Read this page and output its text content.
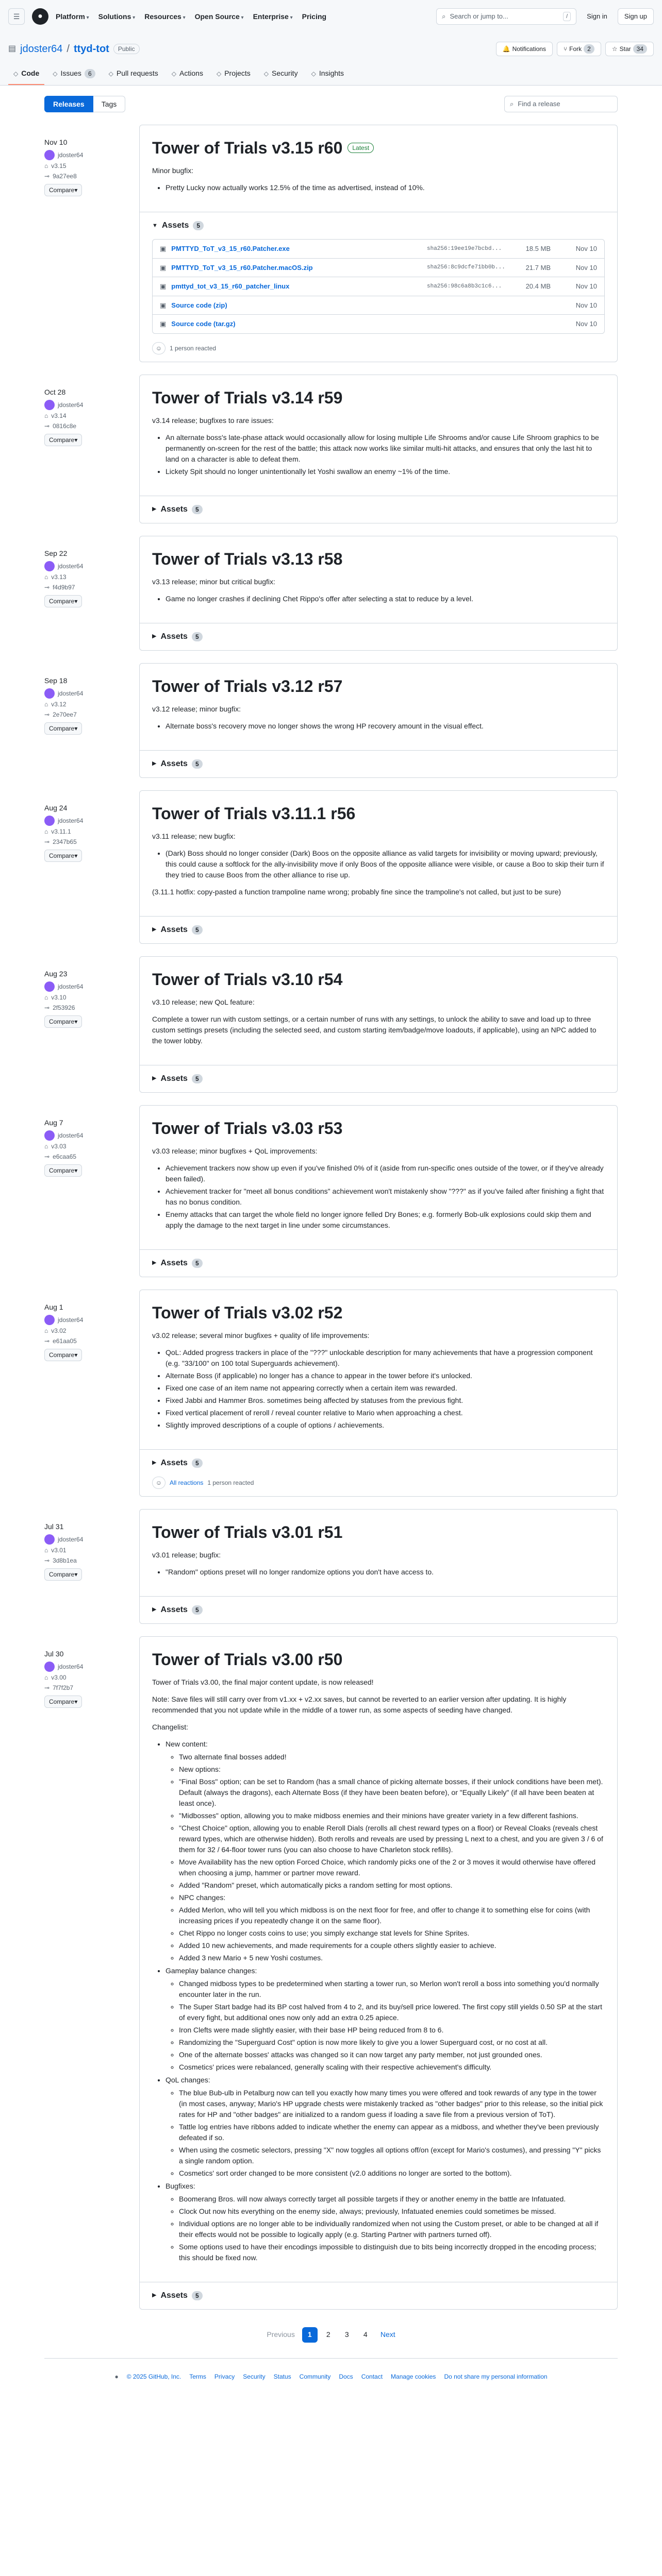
☰	●	Platform ▾	Solutions ▾	Resources ▾	Open Source ▾	Enterprise ▾	Pricing	⌕ Search or jump to...	/	Sign in	Sign up
▤ jdoster64 / ttyd-tot	Public	🔔 Notifications	⑂ Fork 2	☆ Star 34
◇ Code ◇ Issues	6	◇ Pull requests ◇ Actions ◇ Projects ◇ Security ◇ Insights
Releases	Tags	⌕ Find a release
Nov 10
jdoster64
⌂ v3.15
⊸ 9a27ee8
Compare ▾
Tower of Trials v3.15 r60	Latest

Minor bugfix:

• Pretty Lucky now actually works 12.5% of the time as advertised, instead of 10%.
▼ Assets	5
▣ PMTTYD_ToT_v3_15_r60.Patcher.exe	sha256:19ee19e7bcbd...	18.5 MB	Nov 10
▣ PMTTYD_ToT_v3_15_r60.Patcher.macOS.zip	sha256:8c9dcfe71bb0b...	21.7 MB	Nov 10
▣ pmttyd_tot_v3_15_r60_patcher_linux	sha256:98c6a8b3c1c6...	20.4 MB	Nov 10
▣ Source code (zip)	Nov 10
▣ Source code (tar.gz)	Nov 10
☺	1 person reacted
Oct 28
jdoster64
⌂ v3.14
⊸ 0816c8e
Compare ▾
Tower of Trials v3.14 r59

v3.14 release; bugfixes to rare issues:

• An alternate boss's late-phase attack would occasionally allow for losing multiple Life Shrooms and/or cause Life Shroom graphics to be permanently on-screen for the rest of the battle; this attack now works like similar multi-hit attacks, and ensures that only the last hit to land on a character is able to defeat them.
• Lickety Spit should no longer unintentionally let Yoshi swallow an enemy ~1% of the time.
▶ Assets	5
Sep 22
jdoster64
⌂ v3.13
⊸ f4d9b97
Compare ▾
Tower of Trials v3.13 r58

v3.13 release; minor but critical bugfix:

• Game no longer crashes if declining Chet Rippo's offer after selecting a stat to reduce by a level.
▶ Assets	5
Sep 18
jdoster64
⌂ v3.12
⊸ 2e70ee7
Compare ▾
Tower of Trials v3.12 r57

v3.12 release; minor bugfix:

• Alternate boss's recovery move no longer shows the wrong HP recovery amount in the visual effect.
▶ Assets	5
Aug 24
jdoster64
⌂ v3.11.1
⊸ 2347b65
Compare ▾
Tower of Trials v3.11.1 r56

v3.11 release; new bugfix:

• (Dark) Boss should no longer consider (Dark) Boos on the opposite alliance as valid targets for invisibility or moving upward; previously, this could cause a softlock for the ally-invisibility move if only Boos of the opposite alliance were visible, or cause a Boo to skip their turn if they tried to cause Boos from the other alliance to rise up.

(3.11.1 hotfix: copy-pasted a function trampoline name wrong; probably fine since the trampoline's not called, but just to be sure)

▶ Assets	5
Aug 23
jdoster64
⌂ v3.10
⊸ 2f53926
Compare ▾
Tower of Trials v3.10 r54

v3.10 release; new QoL feature:

Complete a tower run with custom settings, or a certain number of runs with any settings, to unlock the ability to save and load up to three custom settings presets (including the selected seed, and custom starting item/badge/move loadouts, if applicable), using an NPC added to the tower lobby.

▶ Assets	5
Aug 7
jdoster64
⌂ v3.03
⊸ e6caa65
Compare ▾
Tower of Trials v3.03 r53

v3.03 release; minor bugfixes + QoL improvements:

• Achievement trackers now show up even if you've finished 0% of it (aside from run-specific ones outside of the tower, or if they've already been failed).
• Achievement tracker for "meet all bonus conditions" achievement won't mistakenly show "???" as if you've failed after finishing a fight that has no bonus condition.
• Enemy attacks that can target the whole field no longer ignore felled Dry Bones; e.g. formerly Bob-ulk explosions could skip them and apply the damage to the next target in line under some circumstances.
▶ Assets	5
Aug 1
jdoster64
⌂ v3.02
⊸ e61aa05
Compare ▾
Tower of Trials v3.02 r52

v3.02 release; several minor bugfixes + quality of life improvements:

• QoL: Added progress trackers in place of the "???" unlockable description for many achievements that have a progression component (e.g. "33/100" on 100 total Superguards achievement).
• Alternate Boss (if applicable) no longer has a chance to appear in the tower before it's unlocked.
• Fixed one case of an item name not appearing correctly when a certain item was rewarded.
• Fixed Jabbi and Hammer Bros. sometimes being affected by statuses from the previous fight.
• Fixed vertical placement of reroll / reveal counter relative to Mario when approaching a chest.
• Slightly improved descriptions of a couple of options / achievements.
▶ Assets	5
☺	All reactions 1 person reacted
Jul 31
jdoster64
⌂ v3.01
⊸ 3d8b1ea
Compare ▾
Tower of Trials v3.01 r51

v3.01 release; bugfix:

• "Random" options preset will no longer randomize options you don't have access to.
▶ Assets	5
Jul 30
jdoster64
⌂ v3.00
⊸ 7f7f2b7
Compare ▾
Tower of Trials v3.00 r50

Tower of Trials v3.00, the final major content update, is now released!

Note: Save files will still carry over from v1.xx + v2.xx saves, but cannot be reverted to an earlier version after updating. It is highly recommended that you not update while in the middle of a tower run, as some aspects of seeding have changed.

Changelist:

• New content:
◦ Two alternate final bosses added!
◦ New options:
◦ "Final Boss" option; can be set to Random (has a small chance of picking alternate bosses, if their unlock conditions have been met). Default (always the dragons), each Alternate Boss (if they have been beaten before), or "Equally Likely" (if all have been beaten at least once).
◦ "Midbosses" option, allowing you to make midboss enemies and their minions have greater variety in a few different fashions.
◦ "Chest Choice" option, allowing you to enable Reroll Dials (rerolls all chest reward types on a floor) or Reveal Cloaks (reveals chest reward types, which are otherwise hidden). Both rerolls and reveals are used by pressing L next to a chest, and you are given 3 / 6 of them for 32 / 64-floor tower runs (you can also choose to have Charleton stock refills).
◦ Move Availability has the new option Forced Choice, which randomly picks one of the 2 or 3 moves it would otherwise have offered when choosing a jump, hammer or partner move reward.
◦ Added "Random" preset, which automatically picks a random setting for most options.
◦ NPC changes:
◦ Added Merlon, who will tell you which midboss is on the next floor for free, and offer to change it to something else for coins (with increasing prices if you repeatedly change it on the same floor).
◦ Chet Rippo no longer costs coins to use; you simply exchange stat levels for Shine Sprites.
◦ Added 10 new achievements, and made requirements for a couple others slightly easier to achieve.
◦ Added 3 new Mario + 5 new Yoshi costumes.
• Gameplay balance changes:
◦ Changed midboss types to be predetermined when starting a tower run, so Merlon won't reroll a boss into something you'd normally encounter later in the run.
◦ The Super Start badge had its BP cost halved from 4 to 2, and its buy/sell price lowered. The first copy still yields 0.50 SP at the start of every fight, but additional ones now only add an extra 0.25 apiece.
◦ Iron Clefts were made slightly easier, with their base HP being reduced from 8 to 6.
◦ Randomizing the "Superguard Cost" option is now more likely to give you a lower Superguard cost, or no cost at all.
◦ One of the alternate bosses' attacks was changed so it can now target any party member, not just grounded ones.
◦ Cosmetics' prices were rebalanced, generally scaling with their respective achievement's difficulty.
• QoL changes:
◦ The blue Bub-ulb in Petalburg now can tell you exactly how many times you were offered and took rewards of any type in the tower (in most cases, anyway; Mario's HP upgrade chests were mistakenly tracked as "other badges" prior to this release, so the initial pick rates for HP and "other badges" are initialized to a random guess if loading a save file from a previous version of ToT).
◦ Tattle log entries have ribbons added to indicate whether the enemy can appear as a midboss, and whether they've been previously defeated if so.
◦ When using the cosmetic selectors, pressing "X" now toggles all options off/on (except for Mario's costumes), and pressing "Y" picks a single random option.
◦ Cosmetics' sort order changed to be more consistent (v2.0 additions no longer are sorted to the bottom).
• Bugfixes:
◦ Boomerang Bros. will now always correctly target all possible targets if they or another enemy in the battle are Infatuated.
◦ Clock Out now hits everything on the enemy side, always; previously, Infatuated enemies could sometimes be missed.
◦ Individual options are no longer able to be individually randomized when not using the Custom preset, or able to be changed at all if their effects would not be possible to logically apply (e.g. Starting Partner with partners turned off).
◦ Some options used to have their encodings impossible to distinguish due to bits being incorrectly dropped in the encoding process; this should be fixed now.
▶ Assets	5
Previous	1	2	3	4	Next
● © 2025 GitHub, Inc. Terms Privacy Security Status Community Docs Contact Manage cookies Do not share my personal information
